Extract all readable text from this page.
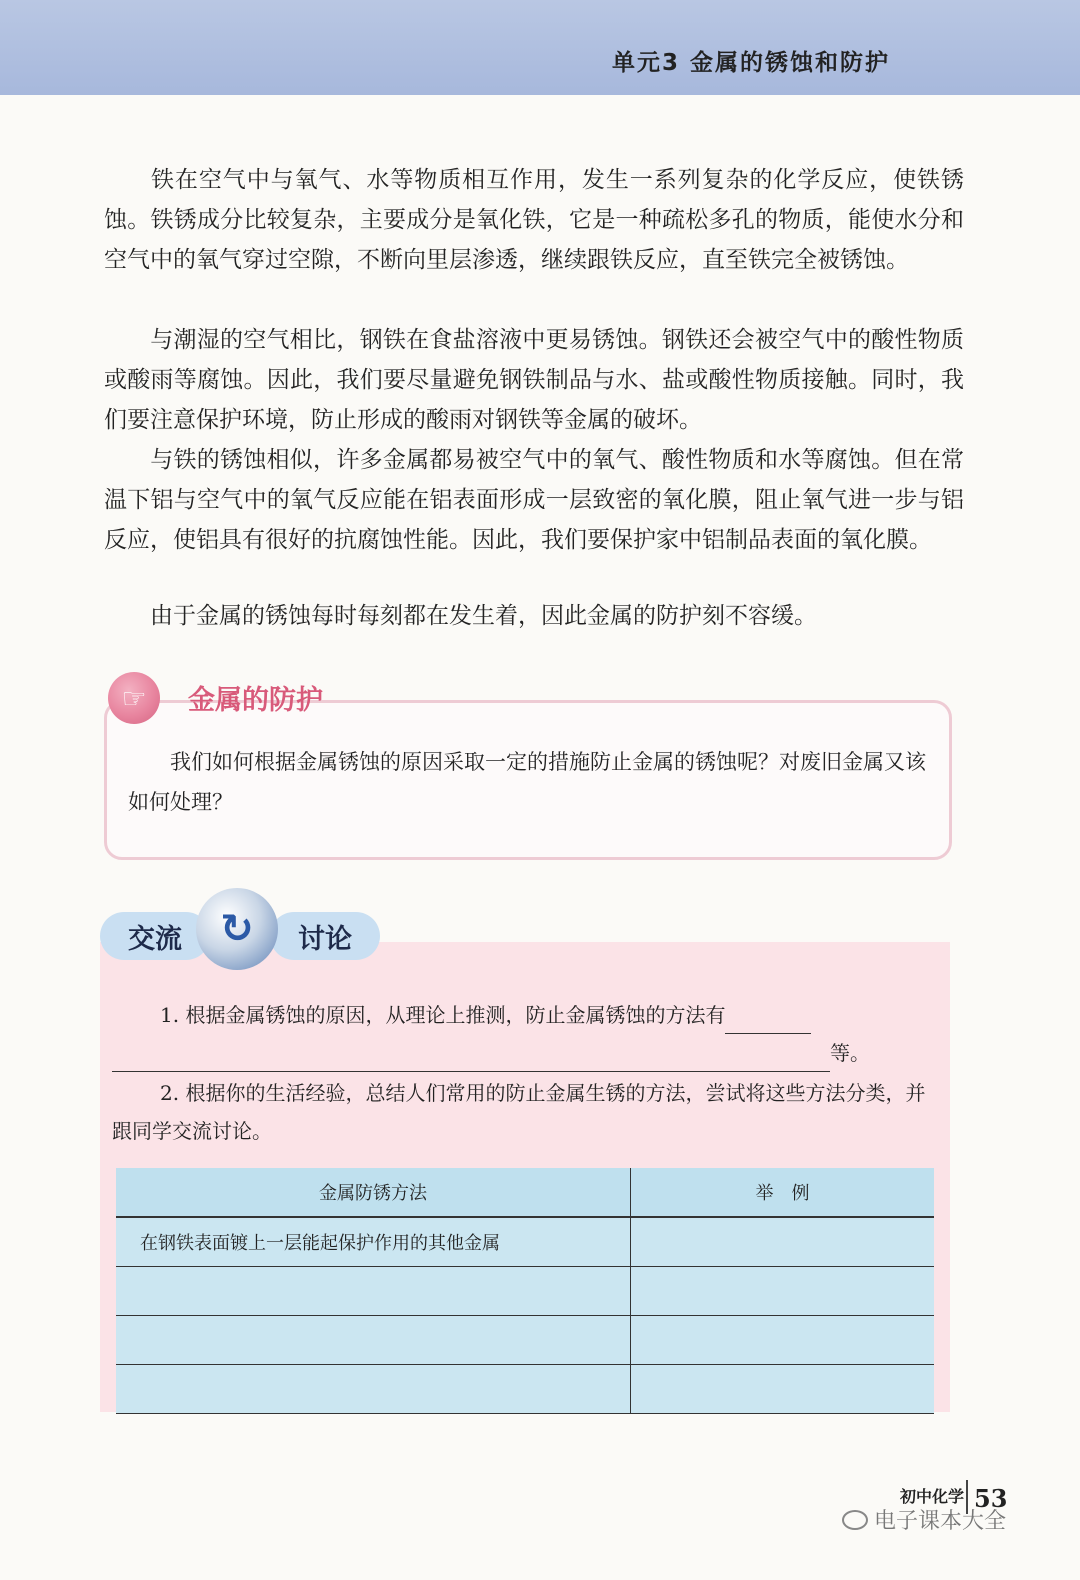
单元3 金属的锈蚀和防护

铁在空气中与氧气、水等物质相互作用，发生一系列复杂的化学反应，使铁锈蚀。铁锈成分比较复杂，主要成分是氧化铁，它是一种疏松多孔的物质，能使水分和空气中的氧气穿过空隙，不断向里层渗透，继续跟铁反应，直至铁完全被锈蚀。

与潮湿的空气相比，钢铁在食盐溶液中更易锈蚀。钢铁还会被空气中的酸性物质或酸雨等腐蚀。因此，我们要尽量避免钢铁制品与水、盐或酸性物质接触。同时，我们要注意保护环境，防止形成的酸雨对钢铁等金属的破坏。

与铁的锈蚀相似，许多金属都易被空气中的氧气、酸性物质和水等腐蚀。但在常温下铝与空气中的氧气反应能在铝表面形成一层致密的氧化膜，阻止氧气进一步与铝反应，使铝具有很好的抗腐蚀性能。因此，我们要保护家中铝制品表面的氧化膜。

由于金属的锈蚀每时每刻都在发生着，因此金属的防护刻不容缓。

☞	金属的防护

我们如何根据金属锈蚀的原因采取一定的措施防止金属的锈蚀呢？对废旧金属又该如何处理？

交流	讨论
↻

1. 根据金属锈蚀的原因，从理论上推测，防止金属锈蚀的方法有
等。

2. 根据你的生活经验，总结人们常用的防止金属生锈的方法，尝试将这些方法分类，并跟同学交流讨论。

金属防锈方法	举　例
在钢铁表面镀上一层能起保护作用的其他金属	

初中化学 53
电子课本大全
